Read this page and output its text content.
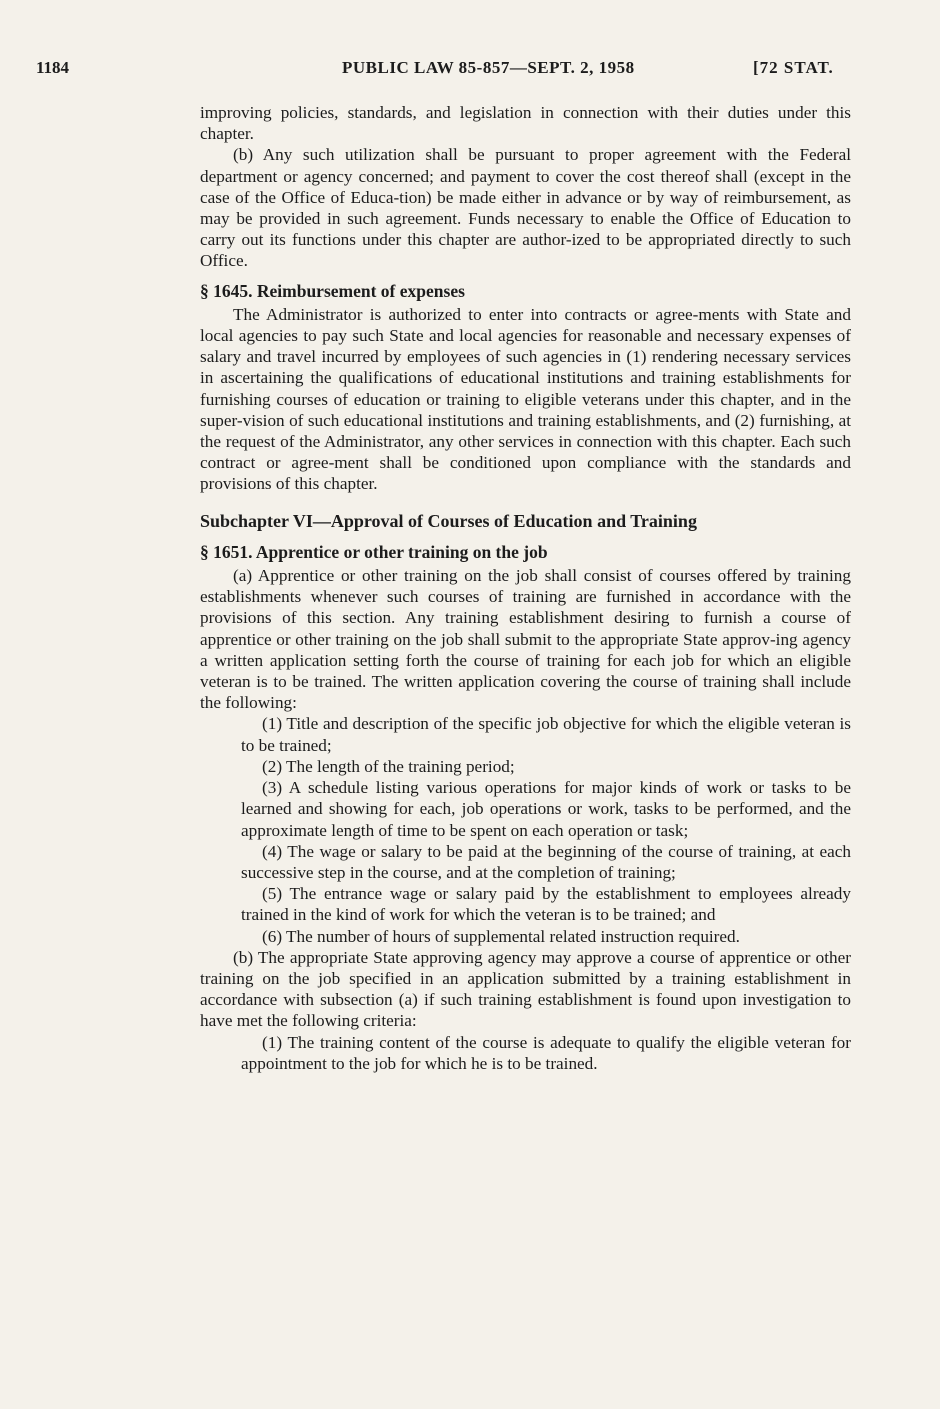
1184	PUBLIC LAW 85-857—SEPT. 2, 1958	[72 STAT.

improving policies, standards, and legislation in connection with their duties under this chapter.

(b) Any such utilization shall be pursuant to proper agreement with the Federal department or agency concerned; and payment to cover the cost thereof shall (except in the case of the Office of Educa-tion) be made either in advance or by way of reimbursement, as may be provided in such agreement. Funds necessary to enable the Office of Education to carry out its functions under this chapter are author-ized to be appropriated directly to such Office.

§ 1645. Reimbursement of expenses

The Administrator is authorized to enter into contracts or agree-ments with State and local agencies to pay such State and local agencies for reasonable and necessary expenses of salary and travel incurred by employees of such agencies in (1) rendering necessary services in ascertaining the qualifications of educational institutions and training establishments for furnishing courses of education or training to eligible veterans under this chapter, and in the super-vision of such educational institutions and training establishments, and (2) furnishing, at the request of the Administrator, any other services in connection with this chapter. Each such contract or agree-ment shall be conditioned upon compliance with the standards and provisions of this chapter.

Subchapter VI—Approval of Courses of Education and Training
§ 1651. Apprentice or other training on the job

(a) Apprentice or other training on the job shall consist of courses offered by training establishments whenever such courses of training are furnished in accordance with the provisions of this section. Any training establishment desiring to furnish a course of apprentice or other training on the job shall submit to the appropriate State approv-ing agency a written application setting forth the course of training for each job for which an eligible veteran is to be trained. The written application covering the course of training shall include the following:

(1) Title and description of the specific job objective for which the eligible veteran is to be trained;

(2) The length of the training period;

(3) A schedule listing various operations for major kinds of work or tasks to be learned and showing for each, job operations or work, tasks to be performed, and the approximate length of time to be spent on each operation or task;

(4) The wage or salary to be paid at the beginning of the course of training, at each successive step in the course, and at the completion of training;

(5) The entrance wage or salary paid by the establishment to employees already trained in the kind of work for which the veteran is to be trained; and

(6) The number of hours of supplemental related instruction required.

(b) The appropriate State approving agency may approve a course of apprentice or other training on the job specified in an application submitted by a training establishment in accordance with subsection (a) if such training establishment is found upon investigation to have met the following criteria:

(1) The training content of the course is adequate to qualify the eligible veteran for appointment to the job for which he is to be trained.
